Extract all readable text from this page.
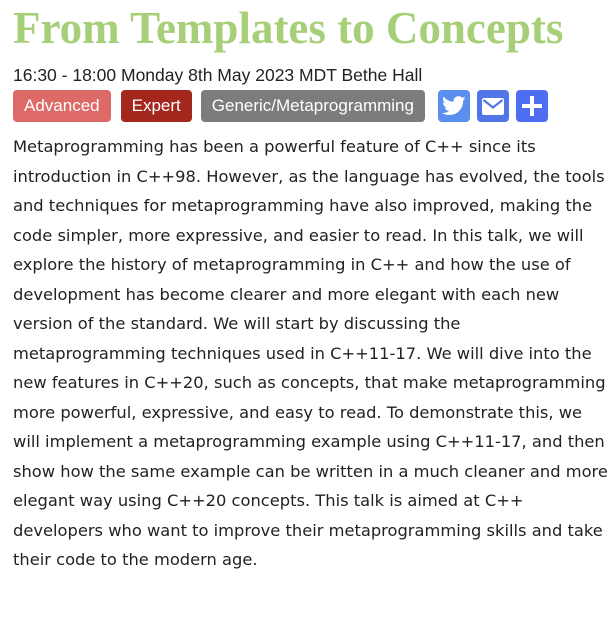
From Templates to Concepts
16:30 - 18:00 Monday 8th May 2023 MDT Bethe Hall
Advanced	Expert	Generic/Metaprogramming

Metaprogramming has been a powerful feature of C++ since its introduction in C++98. However, as the language has evolved, the tools and techniques for metaprogramming have also improved, making the code simpler, more expressive, and easier to read. In this talk, we will explore the history of metaprogramming in C++ and how the use of development has become clearer and more elegant with each new version of the standard. We will start by discussing the metaprogramming techniques used in C++11-17. We will dive into the new features in C++20, such as concepts, that make metaprogramming more powerful, expressive, and easy to read. To demonstrate this, we will implement a metaprogramming example using C++11-17, and then show how the same example can be written in a much cleaner and more elegant way using C++20 concepts. This talk is aimed at C++ developers who want to improve their metaprogramming skills and take their code to the modern age.
